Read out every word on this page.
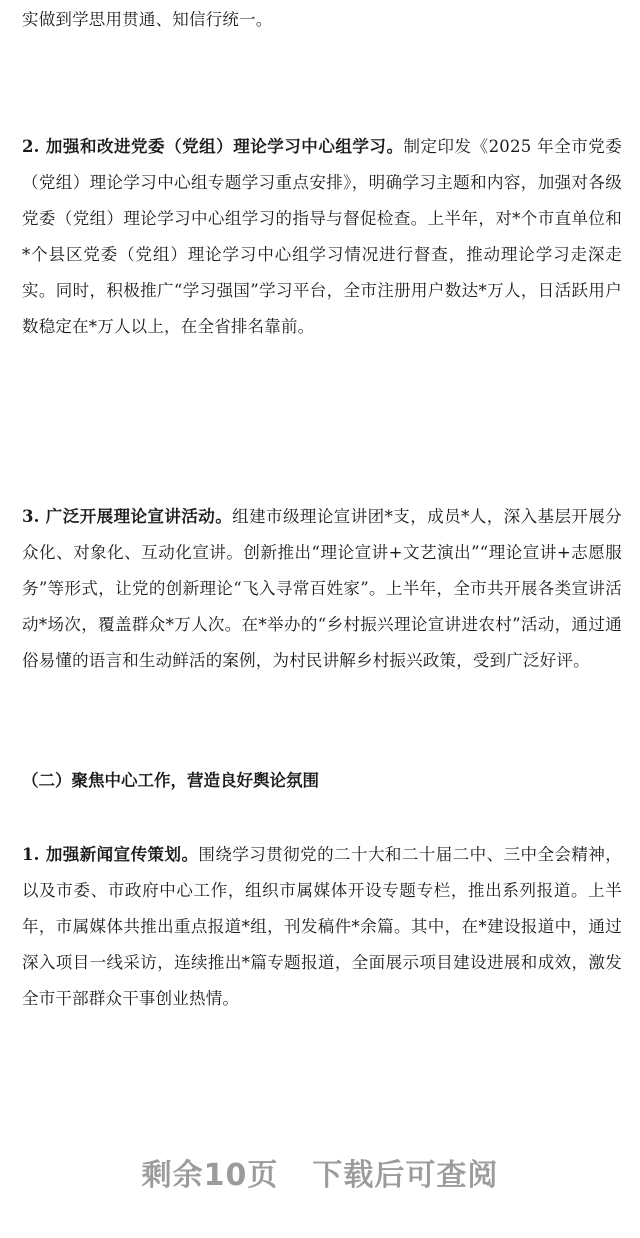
实做到学思用贯通、知信行统一。

2. 加强和改进党委（党组）理论学习中心组学习。制定印发《2025 年全市党委（党组）理论学习中心组专题学习重点安排》，明确学习主题和内容，加强对各级党委（党组）理论学习中心组学习的指导与督促检查。上半年，对*个市直单位和*个县区党委（党组）理论学习中心组学习情况进行督查，推动理论学习走深走实。同时，积极推广“学习强国”学习平台，全市注册用户数达*万人，日活跃用户数稳定在*万人以上，在全省排名靠前。

3. 广泛开展理论宣讲活动。组建市级理论宣讲团*支，成员*人，深入基层开展分众化、对象化、互动化宣讲。创新推出“理论宣讲+文艺演出”“理论宣讲+志愿服务”等形式，让党的创新理论“飞入寻常百姓家”。上半年，全市共开展各类宣讲活动*场次，覆盖群众*万人次。在*举办的“乡村振兴理论宣讲进农村”活动，通过通俗易懂的语言和生动鲜活的案例，为村民讲解乡村振兴政策，受到广泛好评。

（二）聚焦中心工作，营造良好舆论氛围

1. 加强新闻宣传策划。围绕学习贯彻党的二十大和二十届二中、三中全会精神，以及市委、市政府中心工作，组织市属媒体开设专题专栏，推出系列报道。上半年，市属媒体共推出重点报道*组，刊发稿件*余篇。其中，在*建设报道中，通过深入项目一线采访，连续推出*篇专题报道，全面展示项目建设进展和成效，激发全市干部群众干事创业热情。

剩余10页 下载后可查阅
